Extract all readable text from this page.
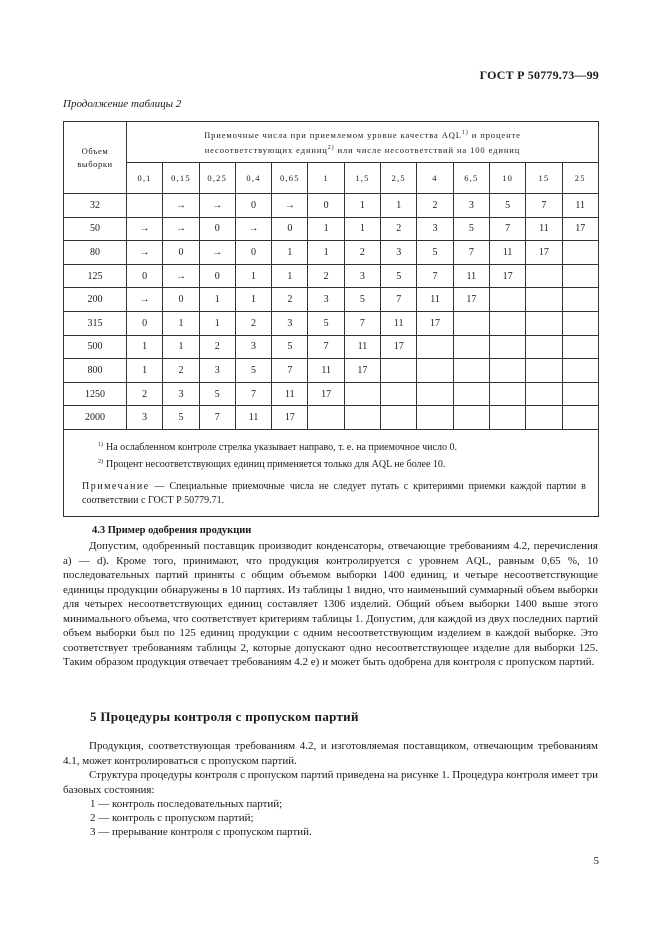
ГОСТ Р 50779.73—99
Продолжение таблицы 2
Объем
выборки	Приемочные числа при приемлемом уровне качества AQL$^{1)}$ и проценте
несоответствующих единиц$^{2)}$ или числе несоответствий на 100 единиц												
	0,1	0,15	0,25	0,4	0,65	1	1,5	2,5	4	6,5	10	15	25
32		→	→	0	→	0	1	1	2	3	5	7	11
50	→	→	0	→	0	1	1	2	3	5	7	11	17
80	→	0	→	0	1	1	2	3	5	7	11	17	
125	0	→	0	1	1	2	3	5	7	11	17		
200	→	0	1	1	2	3	5	7	11	17			
315	0	1	1	2	3	5	7	11	17				
500	1	1	2	3	5	7	11	17					
800	1	2	3	5	7	11	17						
1250	2	3	5	7	11	17							
2000	3	5	7	11	17								

$^{1)}$ На ослабленном контроле стрелка указывает направо, т. е. на приемочное число 0.
$^{2)}$ Процент несоответствующих единиц применяется только для AQL не более 10.
Примечание — Специальные приемочные числа не следует путать с критериями приемки каждой партии в соответствии с ГОСТ Р 50779.71.													
4.3 Пример одобрения продукции

Допустим, одобренный поставщик производит конденсаторы, отвечающие требованиям 4.2, перечисления а) — d). Кроме того, принимают, что продукция контролируется с уровнем AQL, равным 0,65 %, 10 последовательных партий приняты с общим объемом выборки 1400 единиц, и четыре несоответствующие единицы продукции обнаружены в 10 партиях. Из таблицы 1 видно, что наименьший суммарный объем выборки для четырех несоответствующих единиц составляет 1306 изделий. Общий объем выборки 1400 выше этого минимального объема, что соответствует критериям таблицы 1. Допустим, для каждой из двух последних партий объем выборки был по 125 единиц продукции с одним несоответствующим изделием в каждой выборке. Это соответствует требованиям таблицы 2, которые допускают одно несоответствующее изделие для выборки 125. Таким образом продукция отвечает требованиям 4.2 е) и может быть одобрена для контроля с пропуском партий.

5 Процедуры контроля с пропуском партий

Продукция, соответствующая требованиям 4.2, и изготовляемая поставщиком, отвечающим требованиям 4.1, может контролироваться с пропуском партий.

Структура процедуры контроля с пропуском партий приведена на рисунке 1. Процедура контроля имеет три базовых состояния:

1 — контроль последовательных партий;
2 — контроль с пропуском партий;
3 — прерывание контроля с пропуском партий.
5
